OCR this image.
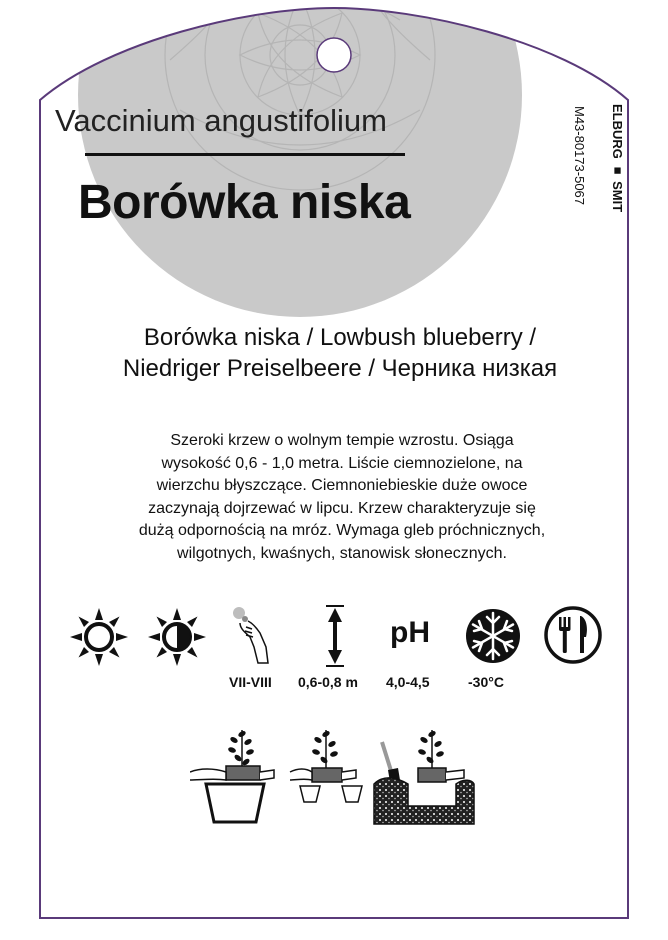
Vaccinium angustifolium
Borówka niska	ELBURG ■ SMIT
M43-80173-5067
Borówka niska / Lowbush blueberry /
Niedriger Preiselbeere / Черника низкая
Szeroki krzew o wolnym tempie wzrostu. Osiąga
wysokość 0,6 - 1,0 metra. Liście ciemnozielone, na
wierzchu błyszczące. Ciemnoniebieskie duże owoce
zaczynają dojrzewać w lipcu. Krzew charakteryzuje się
dużą odpornością na mróz. Wymaga gleb próchnicznych,
wilgotnych, kwaśnych, stanowisk słonecznych.
pH
VII-VIII 0,6-0,8 m 4,0-4,5	-30°C
